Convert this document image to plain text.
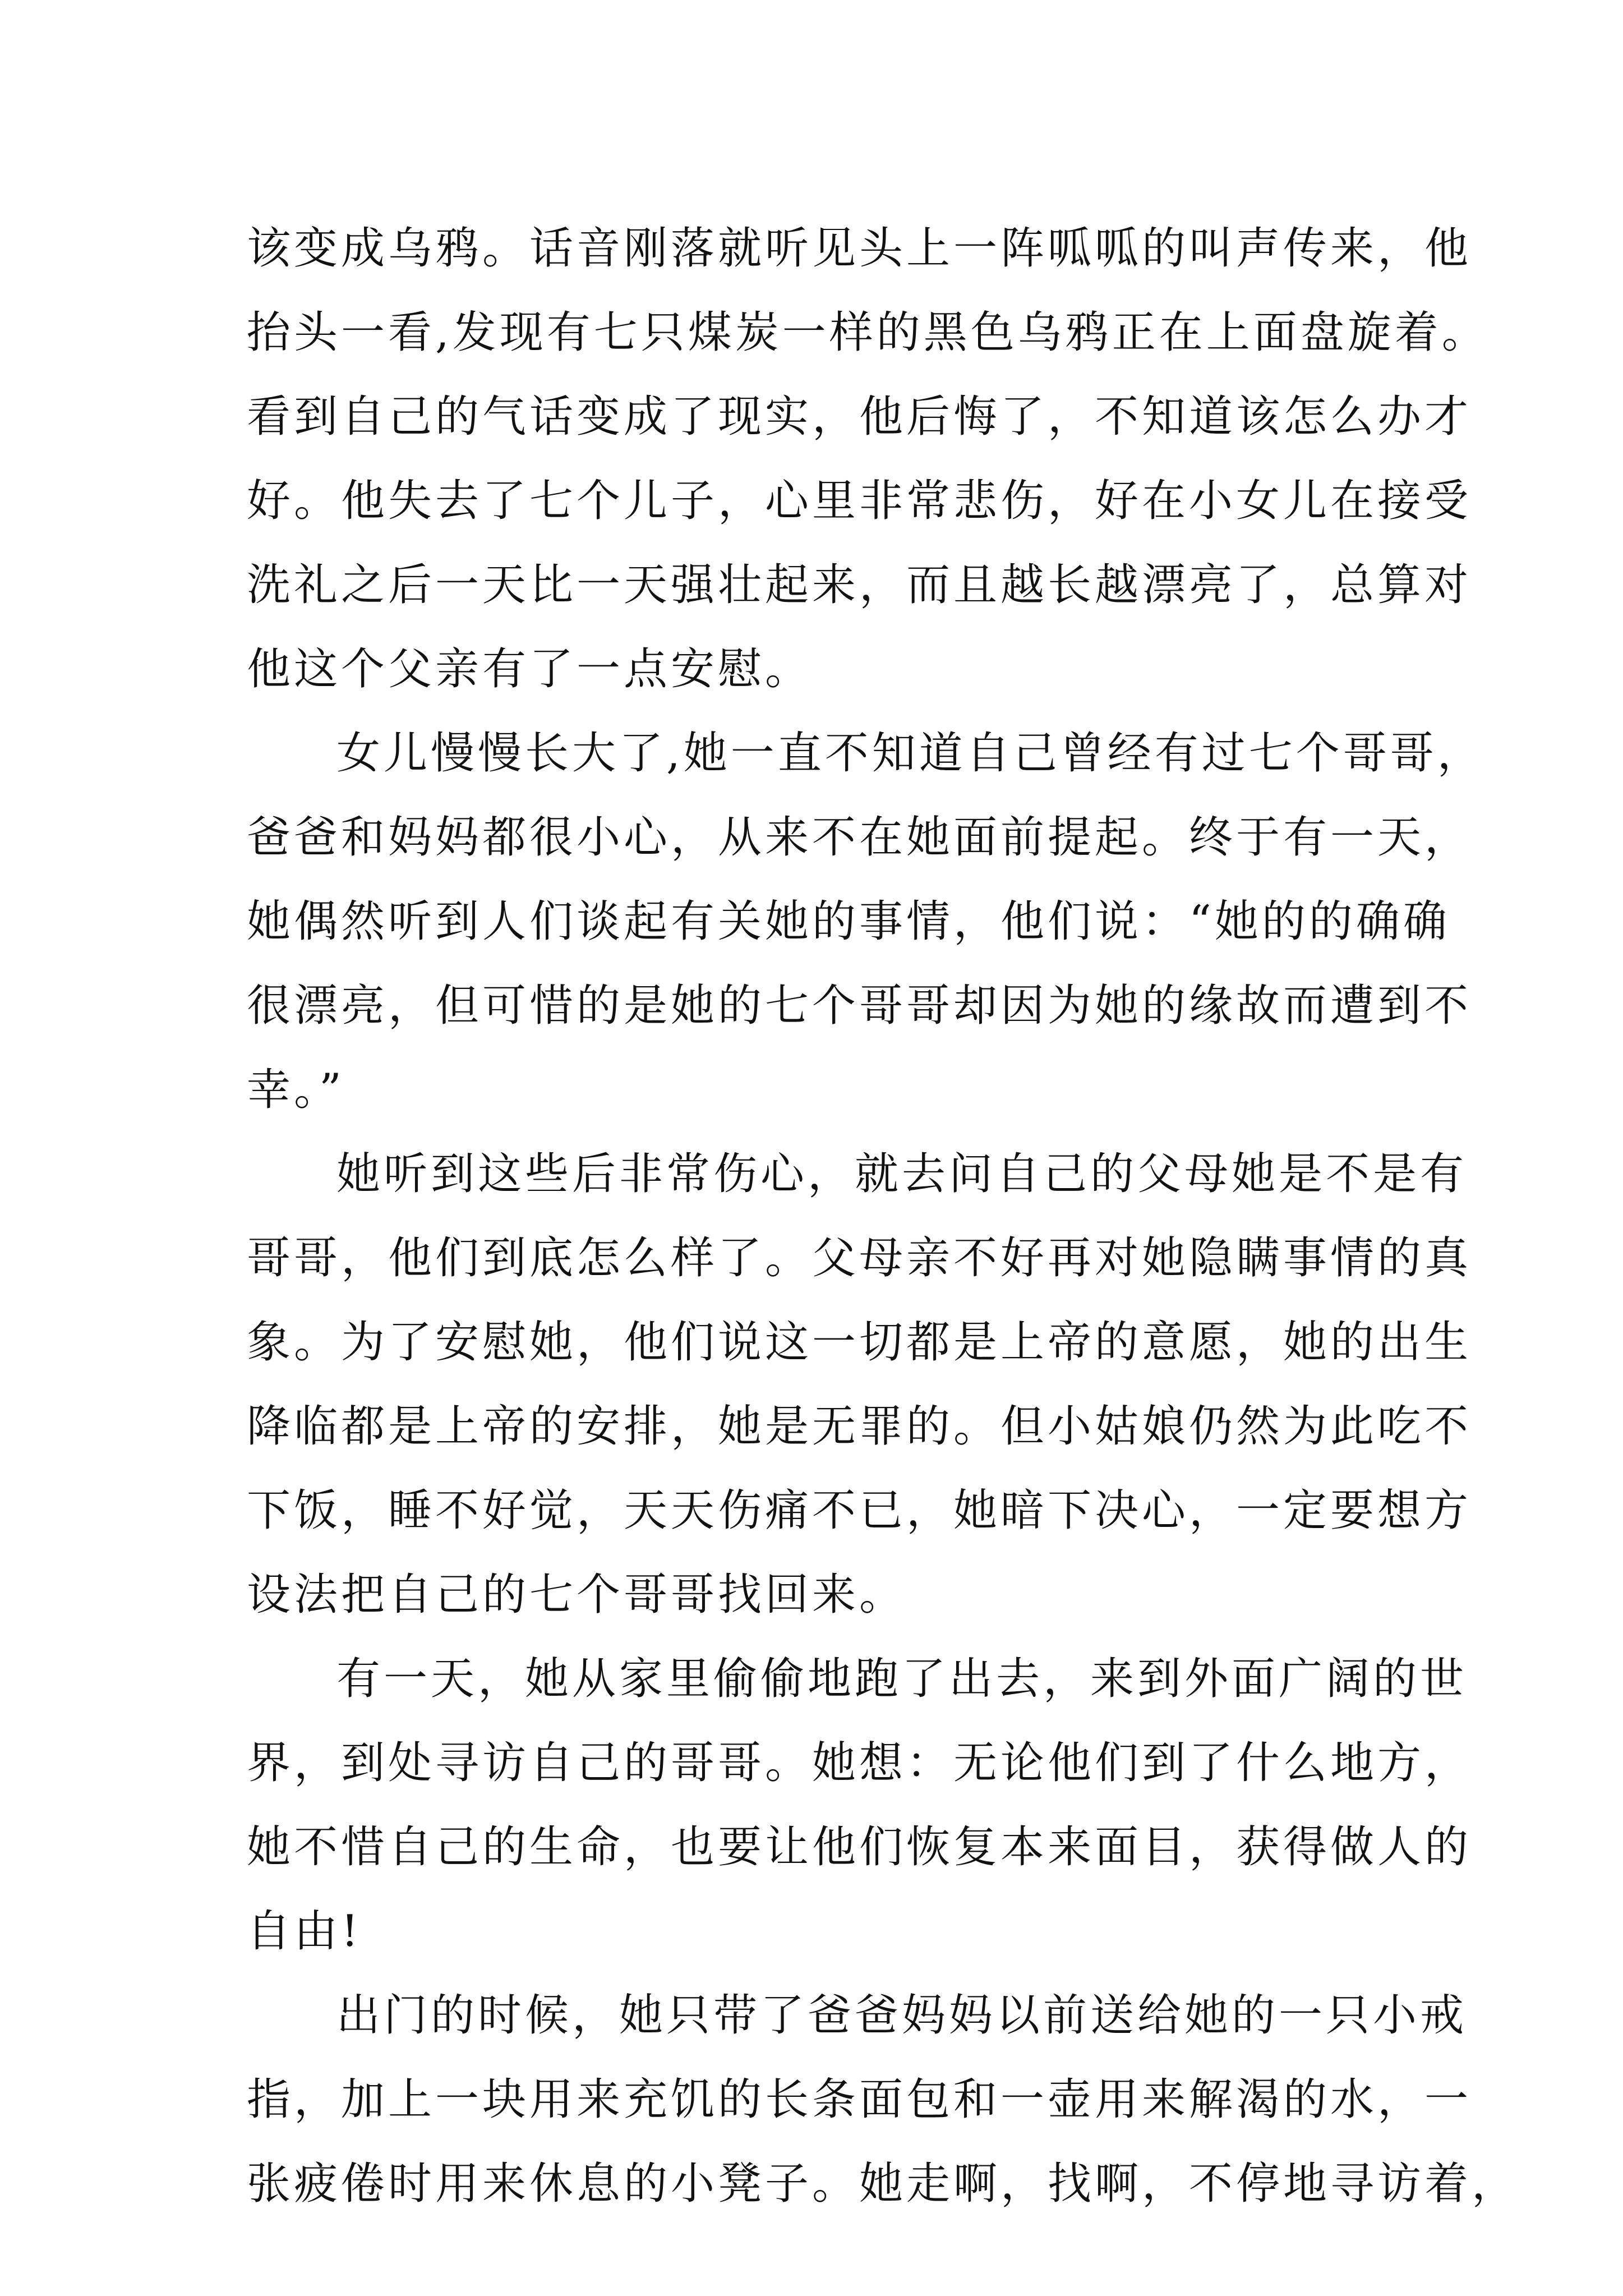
该变成乌鸦。话音刚落就听见头上一阵呱呱的叫声传来，他
抬头一看,发现有七只煤炭一样的黑色乌鸦正在上面盘旋着。
看到自己的气话变成了现实，他后悔了，不知道该怎么办才
好。他失去了七个儿子，心里非常悲伤，好在小女儿在接受
洗礼之后一天比一天强壮起来，而且越长越漂亮了，总算对
他这个父亲有了一点安慰。
女儿慢慢长大了,她一直不知道自己曾经有过七个哥哥，
爸爸和妈妈都很小心，从来不在她面前提起。终于有一天，
她偶然听到人们谈起有关她的事情，他们说：“她的的确确
很漂亮，但可惜的是她的七个哥哥却因为她的缘故而遭到不
幸。”
她听到这些后非常伤心，就去问自己的父母她是不是有
哥哥，他们到底怎么样了。父母亲不好再对她隐瞒事情的真
象。为了安慰她，他们说这一切都是上帝的意愿，她的出生
降临都是上帝的安排，她是无罪的。但小姑娘仍然为此吃不
下饭，睡不好觉，天天伤痛不已，她暗下决心，一定要想方
设法把自己的七个哥哥找回来。
有一天，她从家里偷偷地跑了出去，来到外面广阔的世
界，到处寻访自己的哥哥。她想：无论他们到了什么地方，
她不惜自己的生命，也要让他们恢复本来面目，获得做人的
自由!
出门的时候，她只带了爸爸妈妈以前送给她的一只小戒
指，加上一块用来充饥的长条面包和一壶用来解渴的水，一
张疲倦时用来休息的小凳子。她走啊，找啊，不停地寻访着，
